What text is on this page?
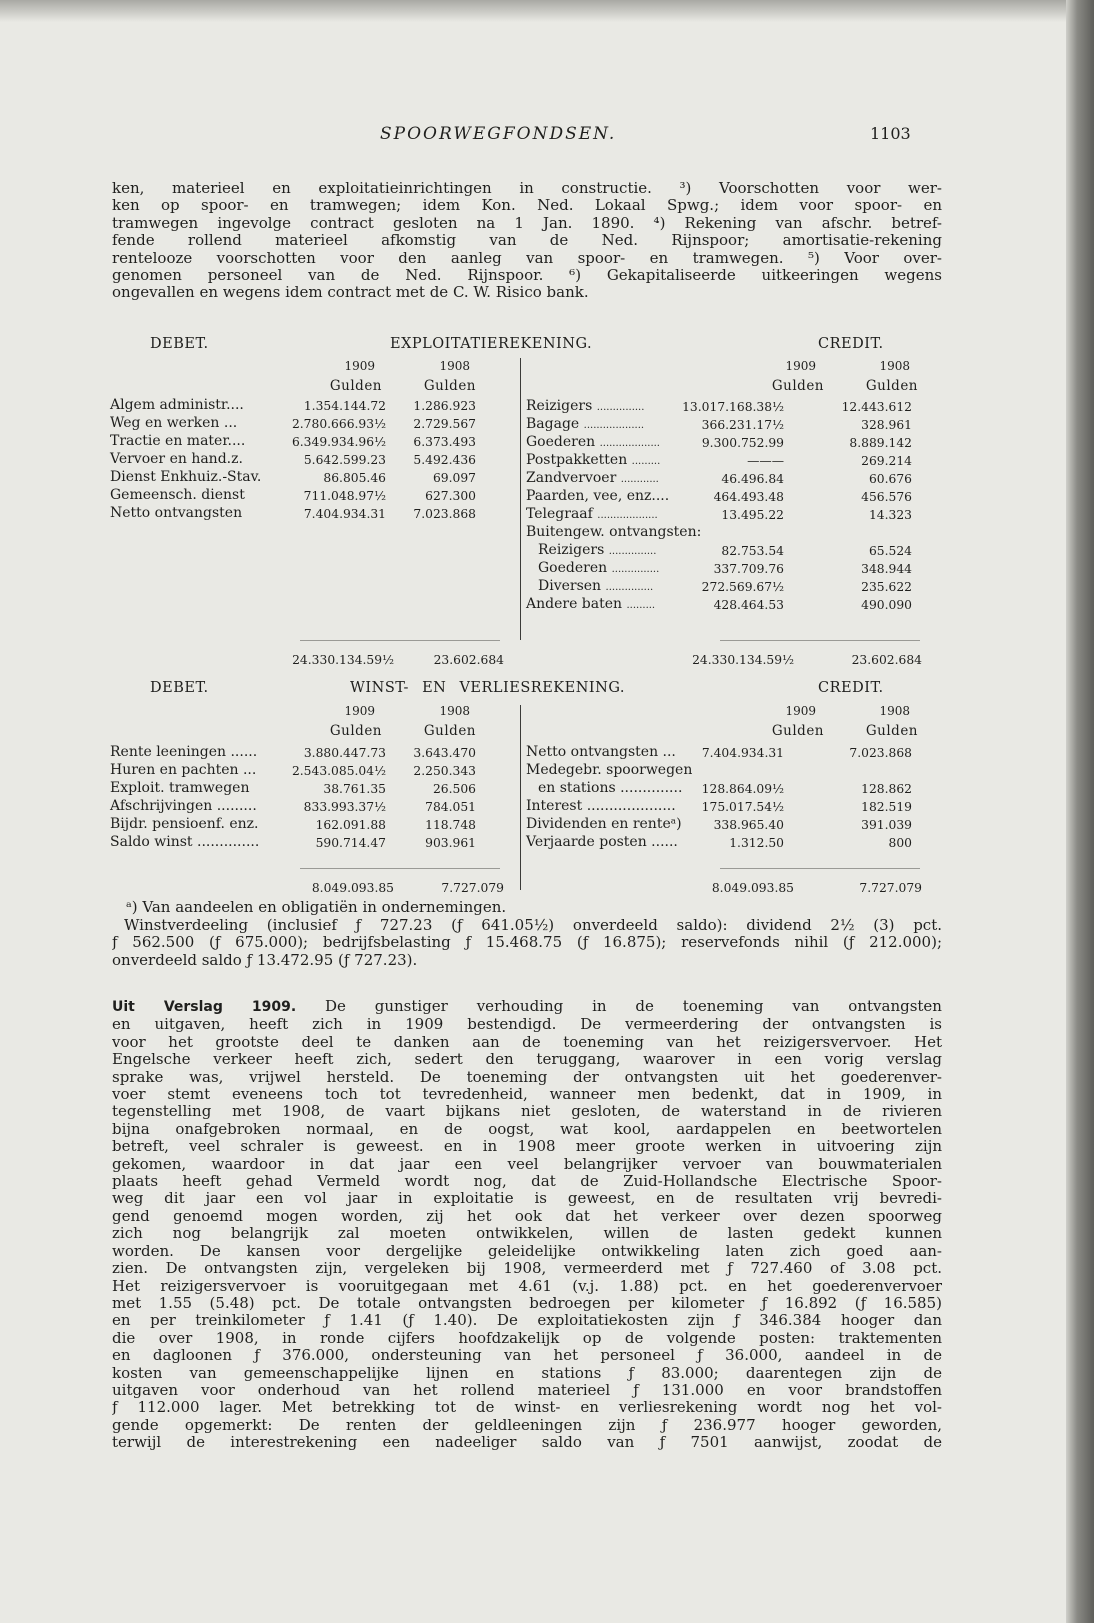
SPOORWEGFONDSEN.	1103
ken, materieel en exploitatieinrichtingen in constructie. ³) Voorschotten voor wer-
ken op spoor- en tramwegen; idem Kon. Ned. Lokaal Spwg.; idem voor spoor- en
tramwegen ingevolge contract gesloten na 1 Jan. 1890. ⁴) Rekening van afschr. betref-
fende rollend materieel afkomstig van de Ned. Rijnspoor; amortisatie-rekening
rentelooze voorschotten voor den aanleg van spoor- en tramwegen. ⁵) Voor over-
genomen personeel van de Ned. Rijnspoor. ⁶) Gekapitaliseerde uitkeeringen wegens
ongevallen en wegens idem contract met de C. W. Risico bank.
DEBET.	EXPLOITATIEREKENING.	CREDIT.
1909	1908	1909	1908
Gulden	Gulden	Gulden	Gulden
Algem administr....	1.354.144.72	1.286.923
Weg en werken ...	2.780.666.93½	2.729.567
Tractie en mater....	6.349.934.96½	6.373.493
Vervoer en hand.z.	5.642.599.23	5.492.436
Dienst Enkhuiz.-Stav.	86.805.46	69.097
Gemeensch. dienst	711.048.97½	627.300
Netto ontvangsten	7.404.934.31	7.023.868
Reizigers ...............	13.017.168.38½	12.443.612
Bagage ...................	366.231.17½	328.961
Goederen ...................	9.300.752.99	8.889.142
Postpakketten .........	———	269.214
Zandvervoer ............	46.496.84	60.676
Paarden, vee, enz....	464.493.48	456.576
Telegraaf ...................	13.495.22	14.323
Buitengew. ontvangsten:
Reizigers ...............	82.753.54	65.524
Goederen ...............	337.709.76	348.944
Diversen ...............	272.569.67½	235.622
Andere baten .........	428.464.53	490.090
24.330.134.59½	23.602.684	24.330.134.59½	23.602.684
DEBET.	WINST- EN VERLIESREKENING.	CREDIT.
1909	1908	1909	1908
Gulden	Gulden	Gulden	Gulden
Rente leeningen ......	3.880.447.73	3.643.470
Huren en pachten ...	2.543.085.04½	2.250.343
Exploit. tramwegen	38.761.35	26.506
Afschrijvingen .........	833.993.37½	784.051
Bijdr. pensioenf. enz.	162.091.88	118.748
Saldo winst ..............	590.714.47	903.961
Netto ontvangsten ...	7.404.934.31	7.023.868
Medegebr. spoorwegen
en stations ..............	128.864.09½	128.862
Interest ....................	175.017.54½	182.519
Dividenden en renteᵃ)	338.965.40	391.039
Verjaarde posten ......	1.312.50	800
8.049.093.85	7.727.079	8.049.093.85	7.727.079
ᵃ) Van aandeelen en obligatiën in ondernemingen.
Winstverdeeling (inclusief ƒ 727.23 (ƒ 641.05½) onverdeeld saldo): dividend 2½ (3) pct.
ƒ 562.500 (ƒ 675.000); bedrijfsbelasting ƒ 15.468.75 (ƒ 16.875); reservefonds nihil (ƒ 212.000);
onverdeeld saldo ƒ 13.472.95 (ƒ 727.23).
Uit Verslag 1909. De gunstiger verhouding in de toeneming van ontvangsten
en uitgaven, heeft zich in 1909 bestendigd. De vermeerdering der ontvangsten is
voor het grootste deel te danken aan de toeneming van het reizigersvervoer. Het
Engelsche verkeer heeft zich, sedert den teruggang, waarover in een vorig verslag
sprake was, vrijwel hersteld. De toeneming der ontvangsten uit het goederenver-
voer stemt eveneens toch tot tevredenheid, wanneer men bedenkt, dat in 1909, in
tegenstelling met 1908, de vaart bijkans niet gesloten, de waterstand in de rivieren
bijna onafgebroken normaal, en de oogst, wat kool, aardappelen en beetwortelen
betreft, veel schraler is geweest. en in 1908 meer groote werken in uitvoering zijn
gekomen, waardoor in dat jaar een veel belangrijker vervoer van bouwmaterialen
plaats heeft gehad Vermeld wordt nog, dat de Zuid-Hollandsche Electrische Spoor-
weg dit jaar een vol jaar in exploitatie is geweest, en de resultaten vrij bevredi-
gend genoemd mogen worden, zij het ook dat het verkeer over dezen spoorweg
zich nog belangrijk zal moeten ontwikkelen, willen de lasten gedekt kunnen
worden. De kansen voor dergelijke geleidelijke ontwikkeling laten zich goed aan-
zien. De ontvangsten zijn, vergeleken bij 1908, vermeerderd met ƒ 727.460 of 3.08 pct.
Het reizigersvervoer is vooruitgegaan met 4.61 (v.j. 1.88) pct. en het goederenvervoer
met 1.55 (5.48) pct. De totale ontvangsten bedroegen per kilometer ƒ 16.892 (ƒ 16.585)
en per treinkilometer ƒ 1.41 (ƒ 1.40). De exploitatiekosten zijn ƒ 346.384 hooger dan
die over 1908, in ronde cijfers hoofdzakelijk op de volgende posten: traktementen
en dagloonen ƒ 376.000, ondersteuning van het personeel ƒ 36.000, aandeel in de
kosten van gemeenschappelijke lijnen en stations ƒ 83.000; daarentegen zijn de
uitgaven voor onderhoud van het rollend materieel ƒ 131.000 en voor brandstoffen
ƒ 112.000 lager. Met betrekking tot de winst- en verliesrekening wordt nog het vol-
gende opgemerkt: De renten der geldleeningen zijn ƒ 236.977 hooger geworden,
terwijl de interestrekening een nadeeliger saldo van ƒ 7501 aanwijst, zoodat de
